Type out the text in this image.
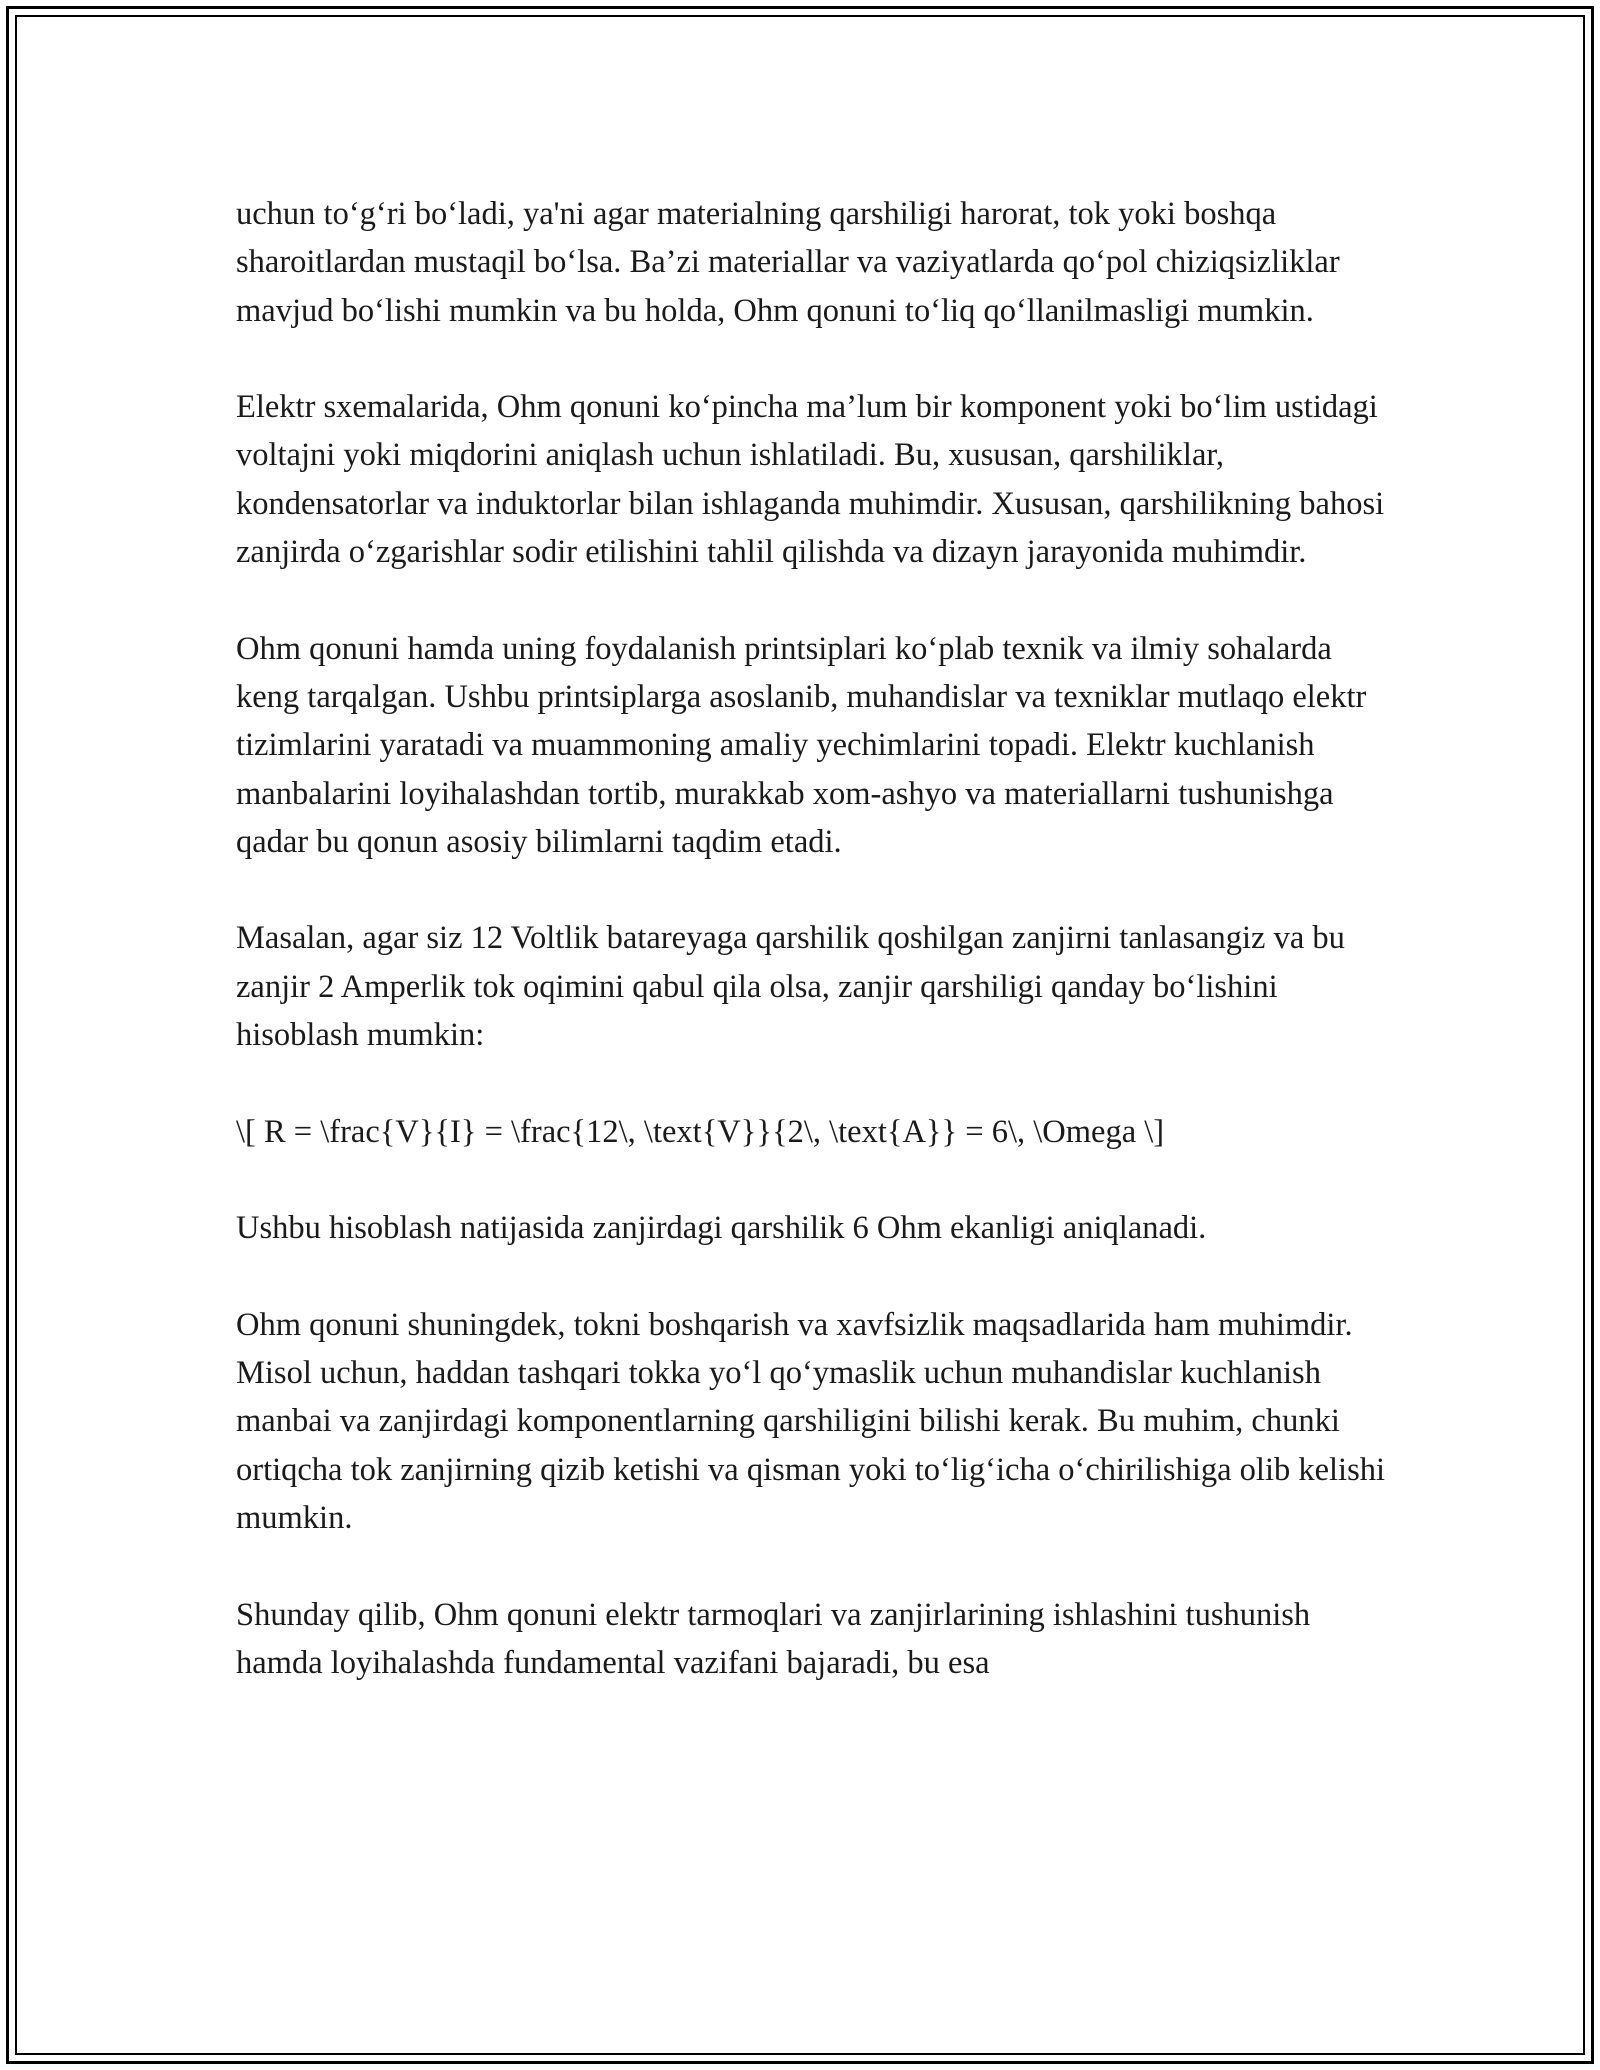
uchun to‘g‘ri bo‘ladi, ya'ni agar materialning qarshiligi harorat, tok yoki boshqa sharoitlardan mustaqil bo‘lsa. Ba’zi materiallar va vaziyatlarda qo‘pol chiziqsizliklar mavjud bo‘lishi mumkin va bu holda, Ohm qonuni to‘liq qo‘llanilmasligi mumkin.

Elektr sxemalarida, Ohm qonuni ko‘pincha ma’lum bir komponent yoki bo‘lim ustidagi voltajni yoki miqdorini aniqlash uchun ishlatiladi. Bu, xususan, qarshiliklar, kondensatorlar va induktorlar bilan ishlaganda muhimdir. Xususan, qarshilikning bahosi zanjirda o‘zgarishlar sodir etilishini tahlil qilishda va dizayn jarayonida muhimdir.

Ohm qonuni hamda uning foydalanish printsiplari ko‘plab texnik va ilmiy sohalarda keng tarqalgan. Ushbu printsiplarga asoslanib, muhandislar va texniklar mutlaqo elektr tizimlarini yaratadi va muammoning amaliy yechimlarini topadi. Elektr kuchlanish manbalarini loyihalashdan tortib, murakkab xom-ashyo va materiallarni tushunishga qadar bu qonun asosiy bilimlarni taqdim etadi.

Masalan, agar siz 12 Voltlik batareyaga qarshilik qoshilgan zanjirni tanlasangiz va bu zanjir 2 Amperlik tok oqimini qabul qila olsa, zanjir qarshiligi qanday bo‘lishini hisoblash mumkin:

\[ R = \frac{V}{I} = \frac{12\, \text{V}}{2\, \text{A}} = 6\, \Omega \]

Ushbu hisoblash natijasida zanjirdagi qarshilik 6 Ohm ekanligi aniqlanadi.

Ohm qonuni shuningdek, tokni boshqarish va xavfsizlik maqsadlarida ham muhimdir. Misol uchun, haddan tashqari tokka yo‘l qo‘ymaslik uchun muhandislar kuchlanish manbai va zanjirdagi komponentlarning qarshiligini bilishi kerak. Bu muhim, chunki ortiqcha tok zanjirning qizib ketishi va qisman yoki to‘lig‘icha o‘chirilishiga olib kelishi mumkin.

Shunday qilib, Ohm qonuni elektr tarmoqlari va zanjirlarining ishlashini tushunish hamda loyihalashda fundamental vazifani bajaradi, bu esa
